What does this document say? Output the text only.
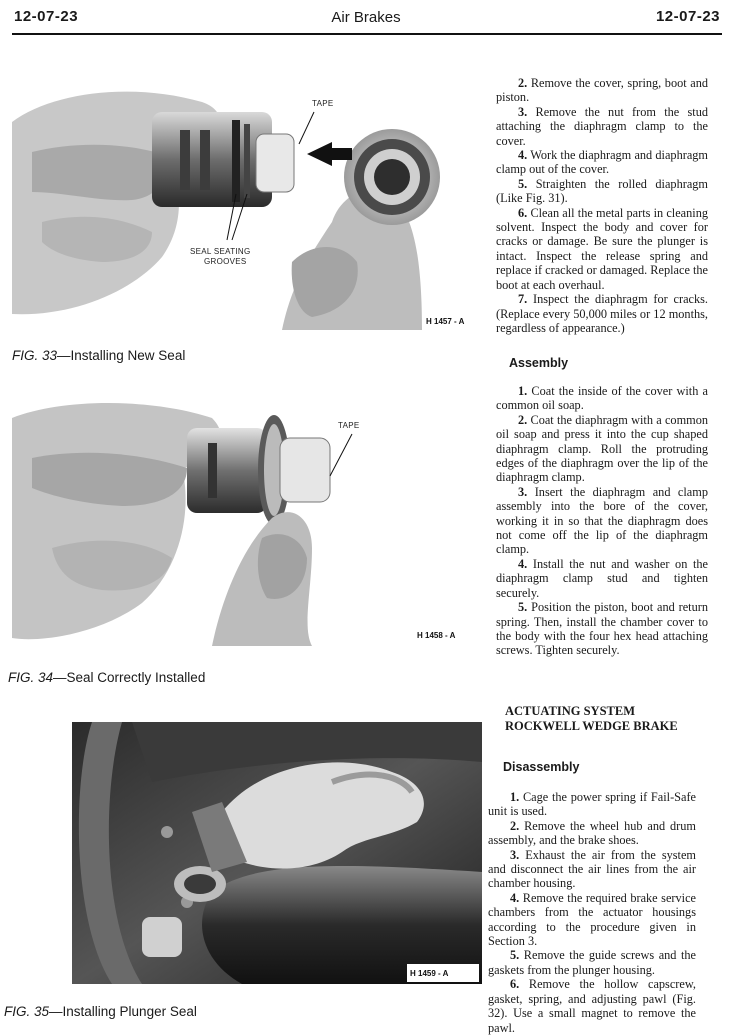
12-07-23	Air Brakes	12-07-23
TAPE
SEAL SEATING
GROOVES
H 1457 - A
FIG. 33—Installing New Seal
TAPE
H 1458 - A
FIG. 34—Seal Correctly Installed
H 1459 - A
FIG. 35—Installing Plunger Seal

2. Remove the cover, spring, boot and piston.

3. Remove the nut from the stud attaching the diaphragm clamp to the cover.

4. Work the diaphragm and diaphragm clamp out of the cover.

5. Straighten the rolled diaphragm (Like Fig. 31).

6. Clean all the metal parts in cleaning solvent. Inspect the body and cover for cracks or damage. Be sure the plunger is intact. Inspect the release spring and replace if cracked or damaged. Replace the boot at each overhaul.

7. Inspect the diaphragm for cracks. (Replace every 50,000 miles or 12 months, regardless of appearance.)

Assembly

1. Coat the inside of the cover with a common oil soap.

2. Coat the diaphragm with a common oil soap and press it into the cup shaped diaphragm clamp. Roll the protruding edges of the diaphragm over the lip of the diaphragm clamp.

3. Insert the diaphragm and clamp assembly into the bore of the cover, working it in so that the diaphragm does not come off the lip of the diaphragm clamp.

4. Install the nut and washer on the diaphragm clamp stud and tighten securely.

5. Position the piston, boot and return spring. Then, install the chamber cover to the body with the four hex head attaching screws. Tighten securely.

ACTUATING SYSTEM

ROCKWELL WEDGE BRAKE

Disassembly

1. Cage the power spring if Fail-Safe unit is used.

2. Remove the wheel hub and drum assembly, and the brake shoes.

3. Exhaust the air from the system and disconnect the air lines from the air chamber housing.

4. Remove the required brake service chambers from the actuator housings according to the procedure given in Section 3.

5. Remove the guide screws and the gaskets from the plunger housing.

6. Remove the hollow capscrew, gasket, spring, and adjusting pawl (Fig. 32). Use a small magnet to remove the pawl.
